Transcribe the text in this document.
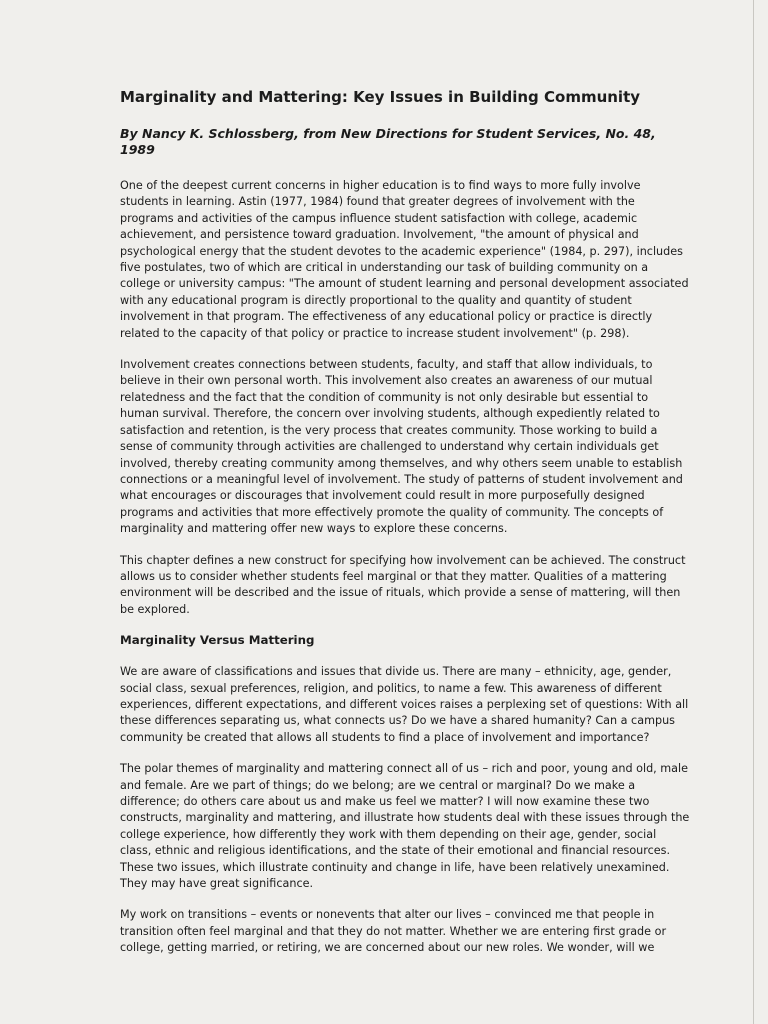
Marginality and Mattering: Key Issues in Building Community

By Nancy K. Schlossberg, from New Directions for Student Services, No. 48, 1989

One of the deepest current concerns in higher education is to find ways to more fully involve students in learning. Astin (1977, 1984) found that greater degrees of involvement with the programs and activities of the campus influence student satisfaction with college, academic achievement, and persistence toward graduation. Involvement, "the amount of physical and psychological energy that the student devotes to the academic experience" (1984, p. 297), includes five postulates, two of which are critical in understanding our task of building community on a college or university campus: "The amount of student learning and personal development associated with any educational program is directly proportional to the quality and quantity of student involvement in that program. The effectiveness of any educational policy or practice is directly related to the capacity of that policy or practice to increase student involvement" (p. 298).

Involvement creates connections between students, faculty, and staff that allow individuals, to believe in their own personal worth. This involvement also creates an awareness of our mutual relatedness and the fact that the condition of community is not only desirable but essential to human survival. Therefore, the concern over involving students, although expediently related to satisfaction and retention, is the very process that creates community. Those working to build a sense of community through activities are challenged to understand why certain individuals get involved, thereby creating community among themselves, and why others seem unable to establish connections or a meaningful level of involvement. The study of patterns of student involvement and what encourages or discourages that involvement could result in more purposefully designed programs and activities that more effectively promote the quality of community. The concepts of marginality and mattering offer new ways to explore these concerns.

This chapter defines a new construct for specifying how involvement can be achieved. The construct allows us to consider whether students feel marginal or that they matter. Qualities of a mattering environment will be described and the issue of rituals, which provide a sense of mattering, will then be explored.

Marginality Versus Mattering

We are aware of classifications and issues that divide us. There are many – ethnicity, age, gender, social class, sexual preferences, religion, and politics, to name a few. This awareness of different experiences, different expectations, and different voices raises a perplexing set of questions: With all these differences separating us, what connects us? Do we have a shared humanity? Can a campus community be created that allows all students to find a place of involvement and importance?

The polar themes of marginality and mattering connect all of us – rich and poor, young and old, male and female. Are we part of things; do we belong; are we central or marginal? Do we make a difference; do others care about us and make us feel we matter? I will now examine these two constructs, marginality and mattering, and illustrate how students deal with these issues through the college experience, how differently they work with them depending on their age, gender, social class, ethnic and religious identifications, and the state of their emotional and financial resources. These two issues, which illustrate continuity and change in life, have been relatively unexamined. They may have great significance.

My work on transitions – events or nonevents that alter our lives – convinced me that people in transition often feel marginal and that they do not matter. Whether we are entering first grade or college, getting married, or retiring, we are concerned about our new roles. We wonder, will we
